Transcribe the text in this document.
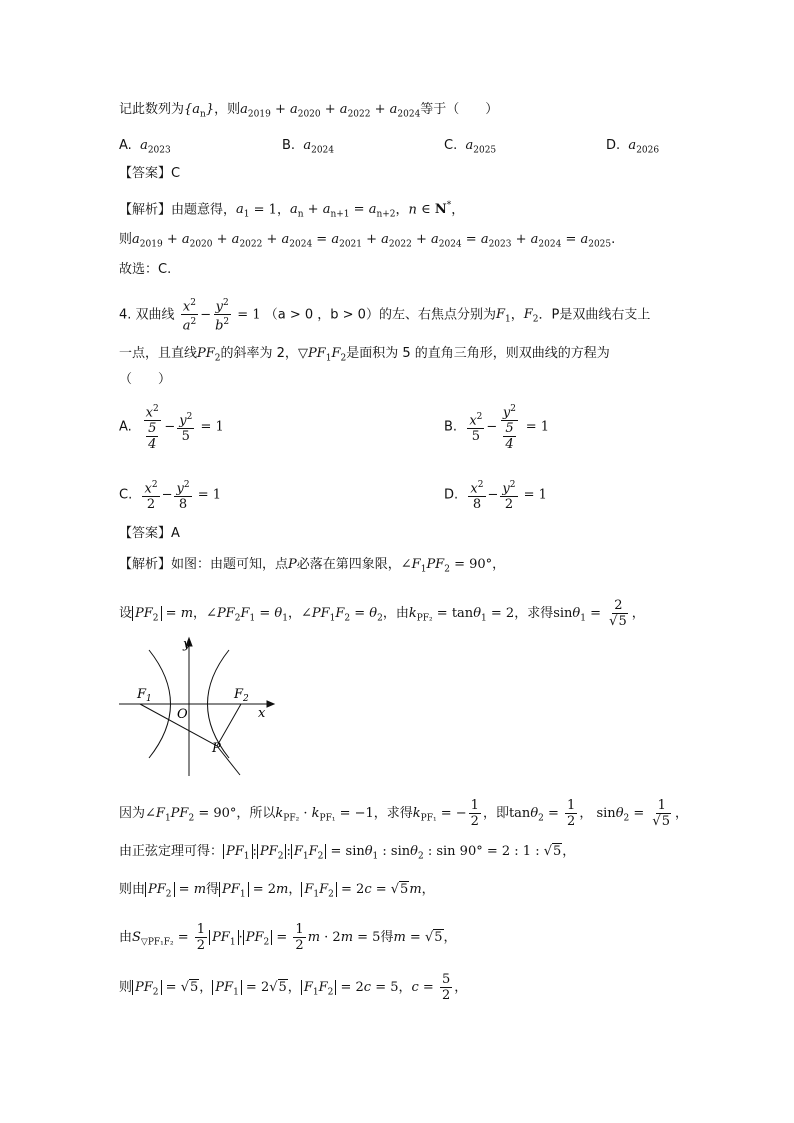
记此数列为$\{a_n\}$，则$a_{2019} + a_{2020} + a_{2022} + a_{2024}$等于（　　）
A. $a_{2023}$	B. $a_{2024}$	C. $a_{2025}$	D. $a_{2026}$
【答案】C
【解析】由题意得，$a_1 = 1$，$a_n + a_{n+1} = a_{n+2}$，n ∈ N*，
则$a_{2019} + a_{2020} + a_{2022} + a_{2024} = a_{2021} + a_{2022} + a_{2024} = a_{2023} + a_{2024} = a_{2025}$.
故选：C.
4. 双曲线 $\frac{x^2}{a^2} - \frac{y^2}{b^2} = 1$ （a > 0 ，b > 0）的左、右焦点分别为$F_1$，$F_2$．P是双曲线右支上
一点，且直线$PF_2$的斜率为 2，$▽PF_1F_2$是面积为 5 的直角三角形，则双曲线的方程为
（　　）
A. $\frac{x^2}{\frac{5}{4}} - \frac{y^2}{5} = 1$	B. $\frac{x^2}{5} - \frac{y^2}{\frac{5}{4}} = 1$
C. $\frac{x^2}{2} - \frac{y^2}{8} = 1$	D. $\frac{x^2}{8} - \frac{y^2}{2} = 1$
【答案】A
【解析】如图：由题可知，点P必落在第四象限，$\angle F_1PF_2 = 90^\circ$，
设 $PF_2 = m$，$\angle PF_2F_1 = \theta_1$，$\angle PF_1F_2 = \theta_2$，由$k_{PF_2} = \tan\theta_1 = 2$，求得$\sin\theta_1 = \frac{2}{√5}$ ，
y
x
O
$F_1$	$F_2$
P
因为$\angle F_1PF_2 = 90^\circ$，所以$k_{PF_2} \cdot k_{PF_1} = -1$，求得$k_{PF_1}$ = − $\frac{1}{2}$ ，即$\tan\theta_2 = \frac{1}{2}$ ， $\sin\theta_2 = \frac{1}{√5}$ ，
由正弦定理可得： $PF_1$ : $PF_2$ : $F_1F_2 = \sin\theta_1$ : sinθ$_2$ : sin 90° = 2 : 1 : √5，
则由 $PF_2 = m$得 $PF_1 = 2m$， $F_1F_2 = 2c = √5m$，
由$S_{▽PF_1F_2} = \frac{1}{2} PF_1 \cdot PF_2 = \frac{1}{2}$ m · 2m = 5得m = √5，
则 $PF_2 = √5$， $PF_1 = 2√5$， $F_1F_2 = 2c = 5$，$c = \frac{5}{2}$ ，
